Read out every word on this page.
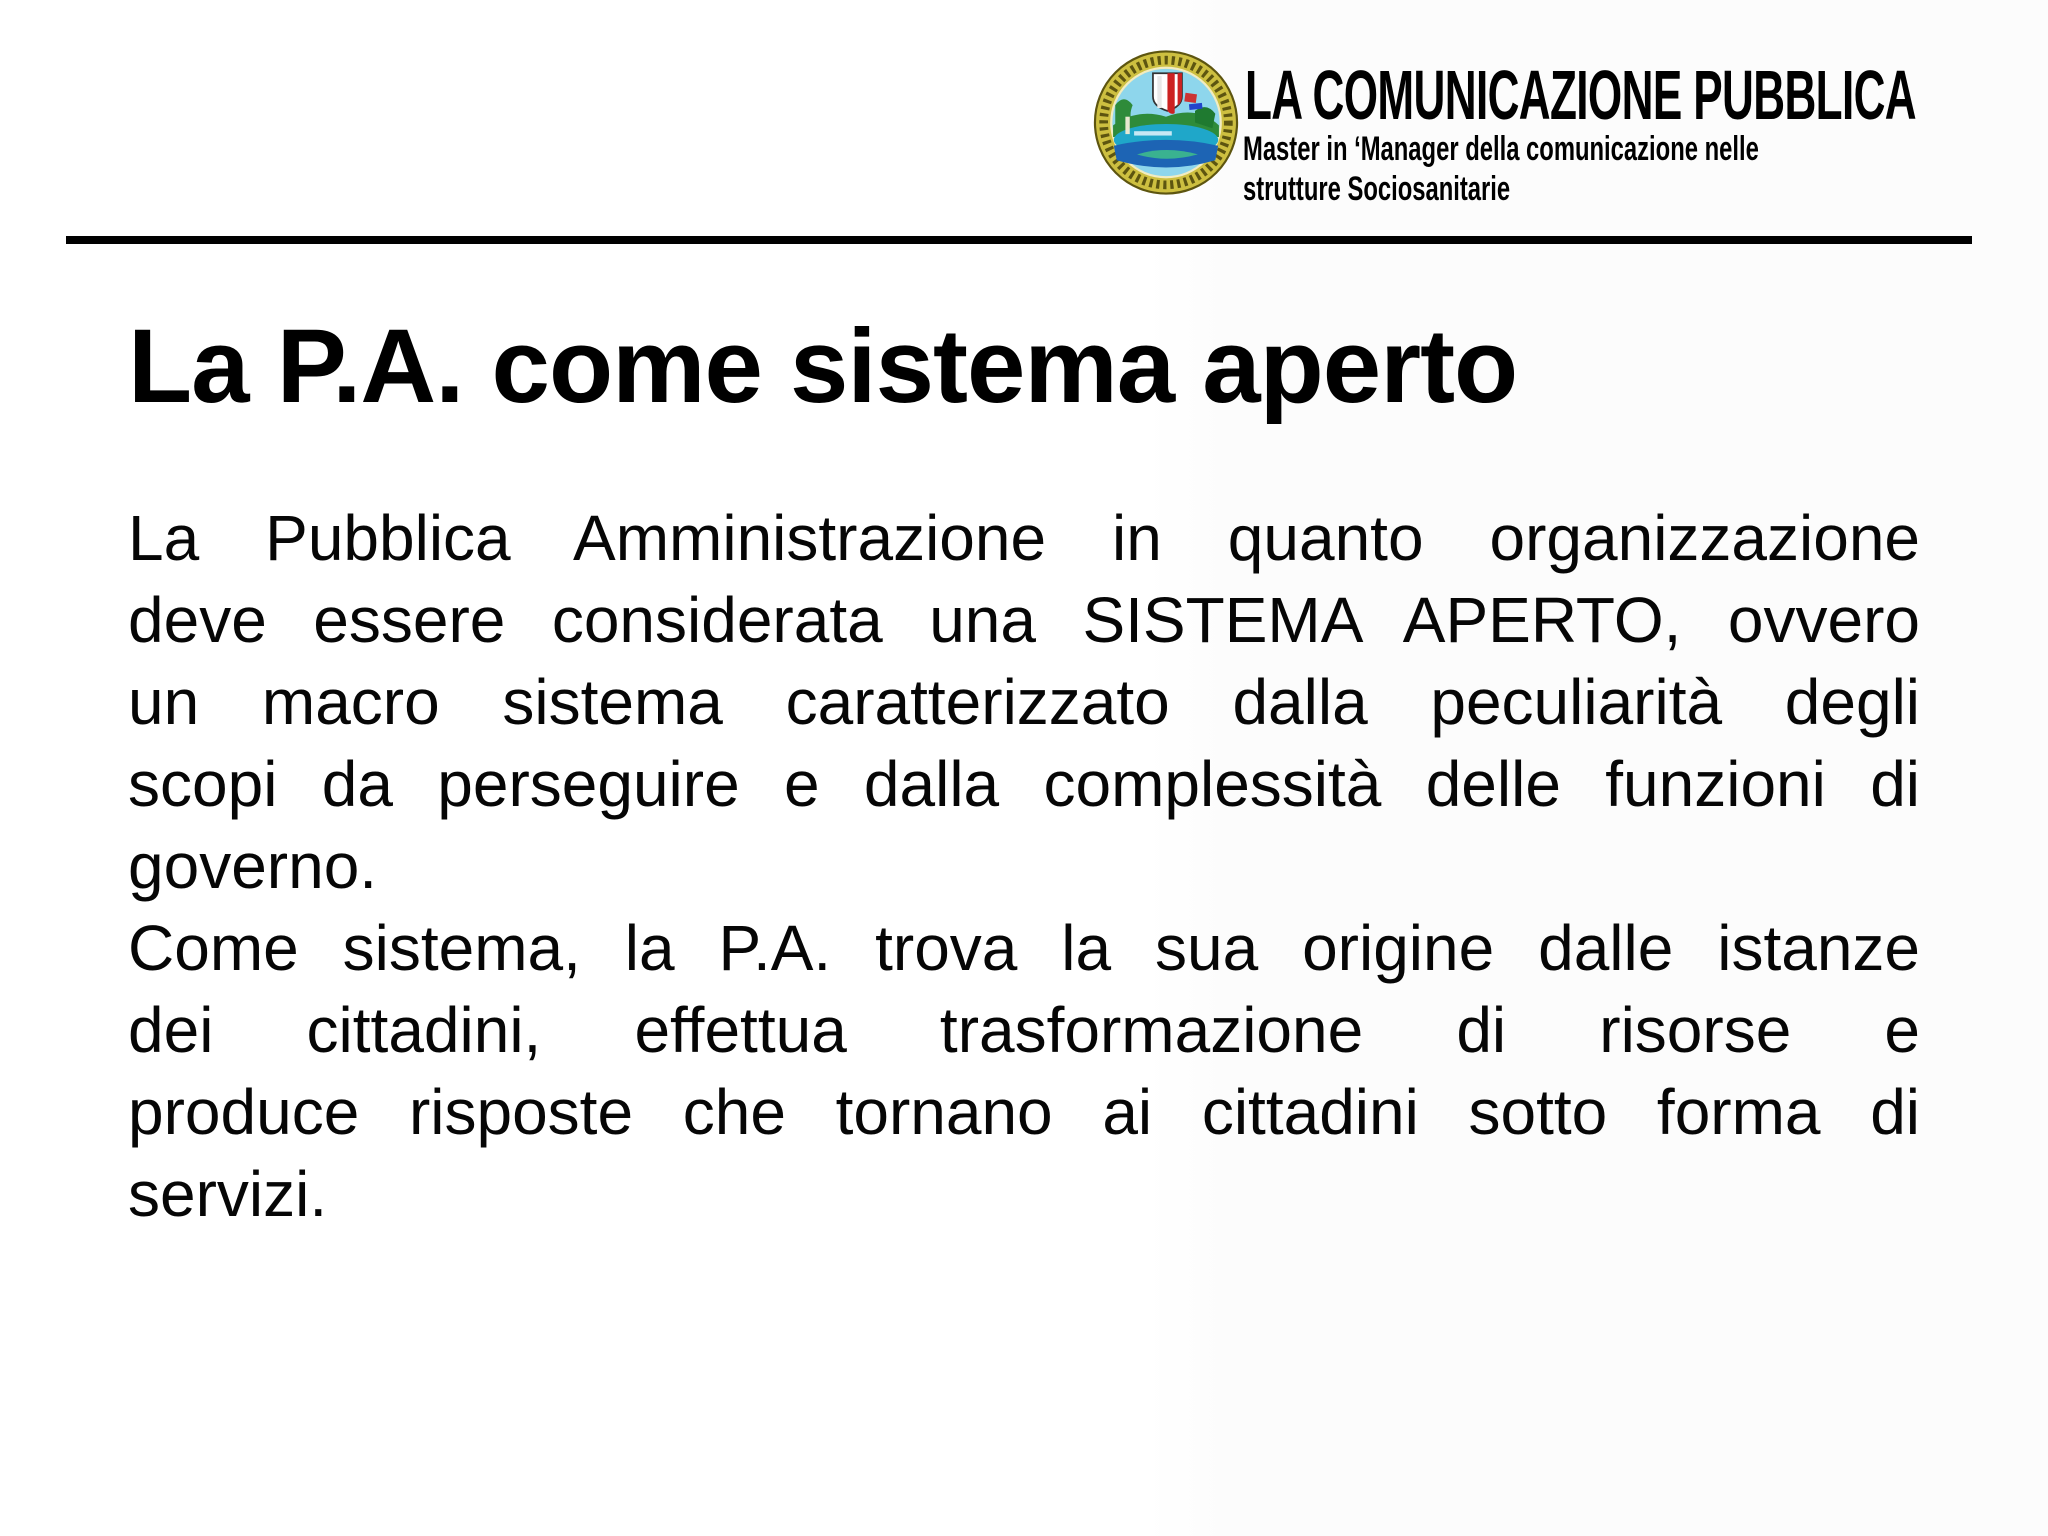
LA COMUNICAZIONE PUBBLICA
Master in ‘Manager della comunicazione nelle
strutture Sociosanitarie
La P.A. come sistema aperto
La Pubblica Amministrazione in quanto organizzazione
deve essere considerata una SISTEMA APERTO, ovvero
un macro sistema caratterizzato dalla peculiarità degli
scopi da perseguire e dalla complessità delle funzioni di
governo.
Come sistema, la P.A. trova la sua origine dalle istanze
dei cittadini, effettua trasformazione di risorse e
produce risposte che tornano ai cittadini sotto forma di
servizi.
